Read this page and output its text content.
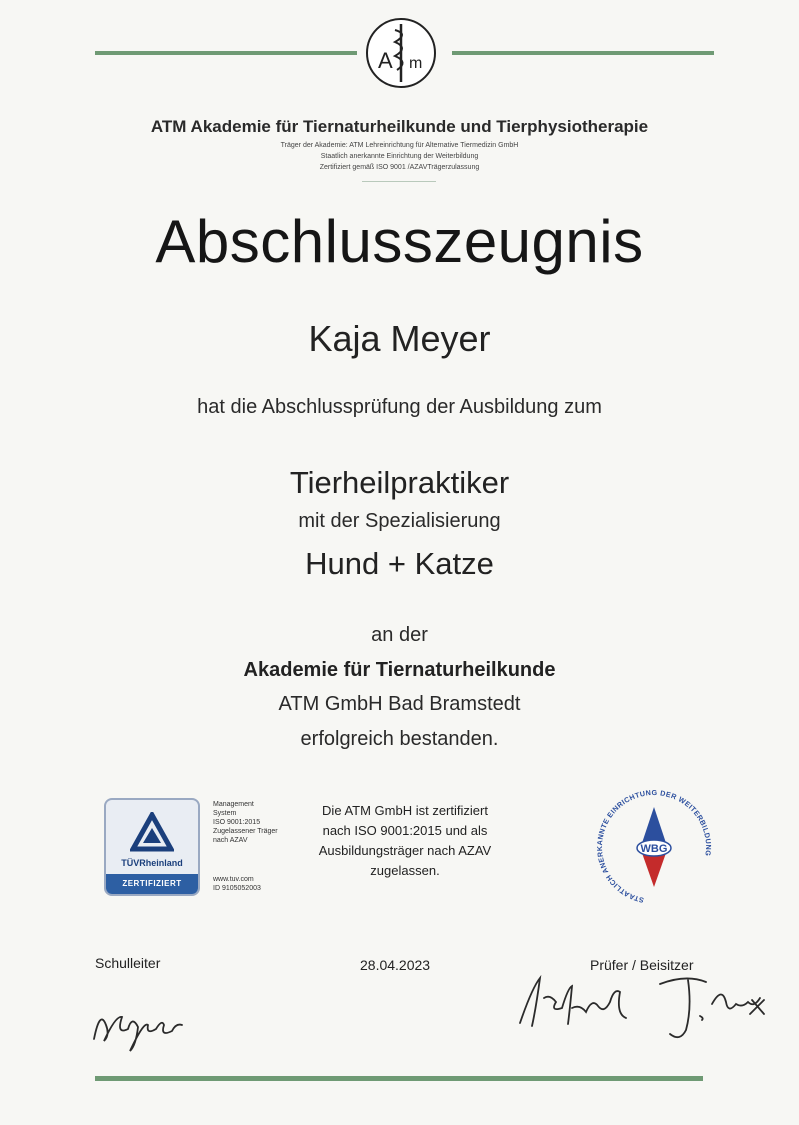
A m
ATM Akademie für Tiernaturheilkunde und Tierphysiotherapie
Träger der Akademie: ATM Lehreinrichtung für Alternative Tiermedizin GmbH
Staatlich anerkannte Einrichtung der Weiterbildung
Zertifiziert gemäß ISO 9001 /AZAVTrägerzulassung
Abschlusszeugnis
Kaja Meyer
hat die Abschlussprüfung der Ausbildung zum
Tierheilpraktiker
mit der Spezialisierung
Hund + Katze
an der
Akademie für Tiernaturheilkunde
ATM GmbH Bad Bramstedt
erfolgreich bestanden.
TÜVRheinland
ZERTIFIZIERT
Management
System
ISO 9001:2015
Zugelassener Träger
nach AZAV
www.tuv.com
ID 9105052003
Die ATM GmbH ist zertifiziert nach ISO 9001:2015 und als Ausbildungsträger nach AZAV zugelassen.
STAATLICH ANERKANNTE EINRICHTUNG DER WEITERBILDUNG
WBG
Schulleiter	28.04.2023	Prüfer / Beisitzer
